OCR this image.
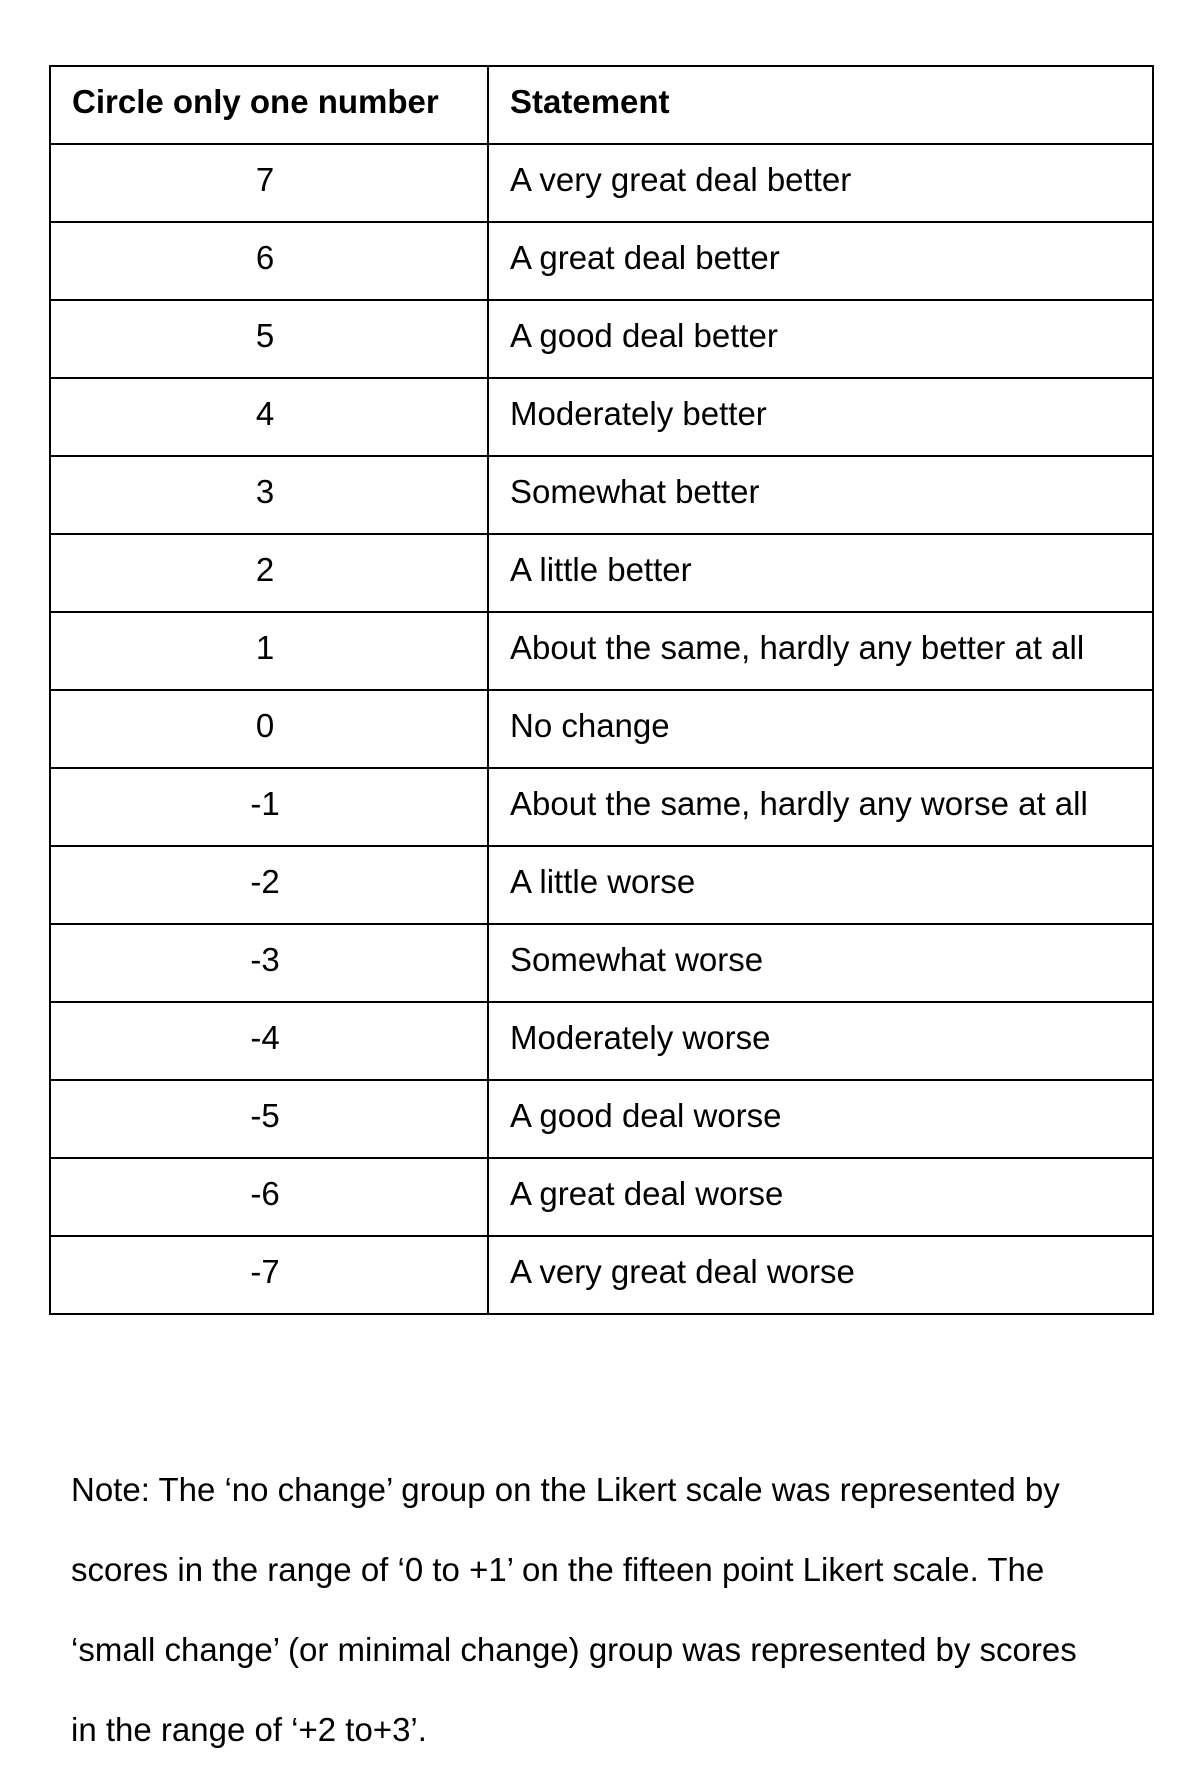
Circle only one number	Statement

7	A very great deal better

6	A great deal better

5	A good deal better

4	Moderately better

3	Somewhat better

2	A little better

1	About the same, hardly any better at all

0	No change

-1	About the same, hardly any worse at all

-2	A little worse

-3	Somewhat worse

-4	Moderately worse

-5	A good deal worse

-6	A great deal worse

-7	A very great deal worse
Note: The ‘no change’ group on the Likert scale was represented by
scores in the range of ‘0 to +1’ on the fifteen point Likert scale. The
‘small change’ (or minimal change) group was represented by scores
in the range of ‘+2 to+3’.
